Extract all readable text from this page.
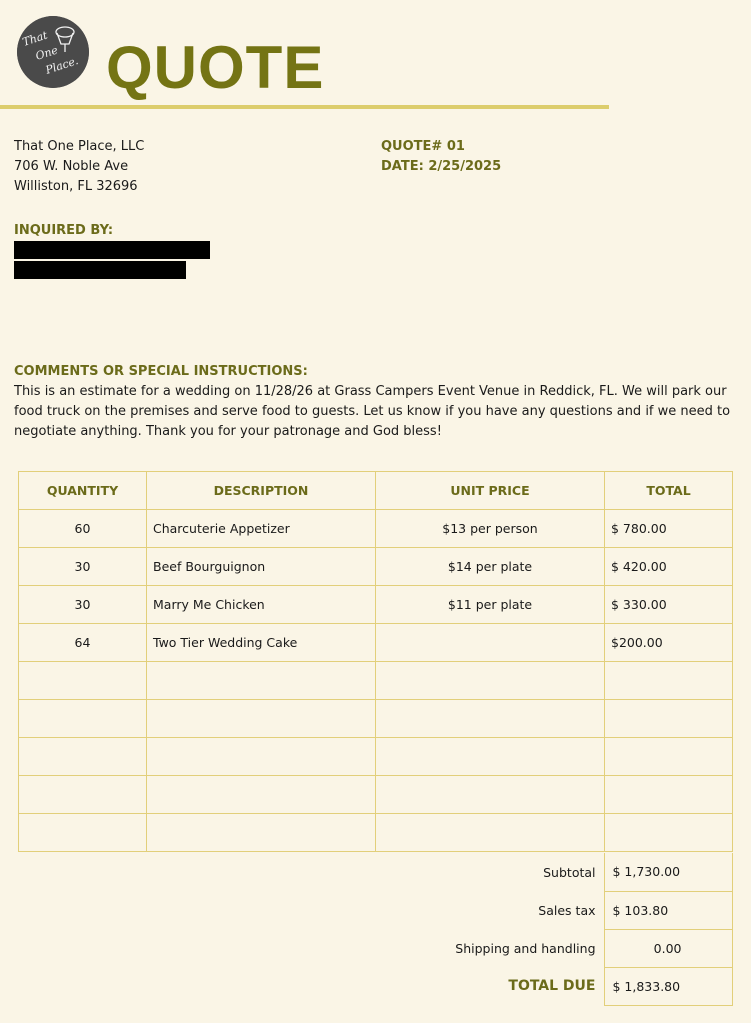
That
One
Place. QUOTE
That One Place, LLC
706 W. Noble Ave
Williston, FL 32696
QUOTE# 01
DATE: 2/25/2025
INQUIRED BY:
COMMENTS OR SPECIAL INSTRUCTIONS:
This is an estimate for a wedding on 11/28/26 at Grass Campers Event Venue in Reddick, FL. We will park our food truck on the premises and serve food to guests. Let us know if you have any questions and if we need to negotiate anything. Thank you for your patronage and God bless!
QUANTITY	DESCRIPTION	UNIT PRICE	TOTAL
60	Charcuterie Appetizer	$13 per person	$ 780.00
30	Beef Bourguignon	$14 per plate	$ 420.00
30	Marry Me Chicken	$11 per plate	$ 330.00
64	Two Tier Wedding Cake		$200.00

Subtotal	$ 1,730.00
Sales tax	$ 103.80
Shipping and handling	0.00
TOTAL DUE	$ 1,833.80
